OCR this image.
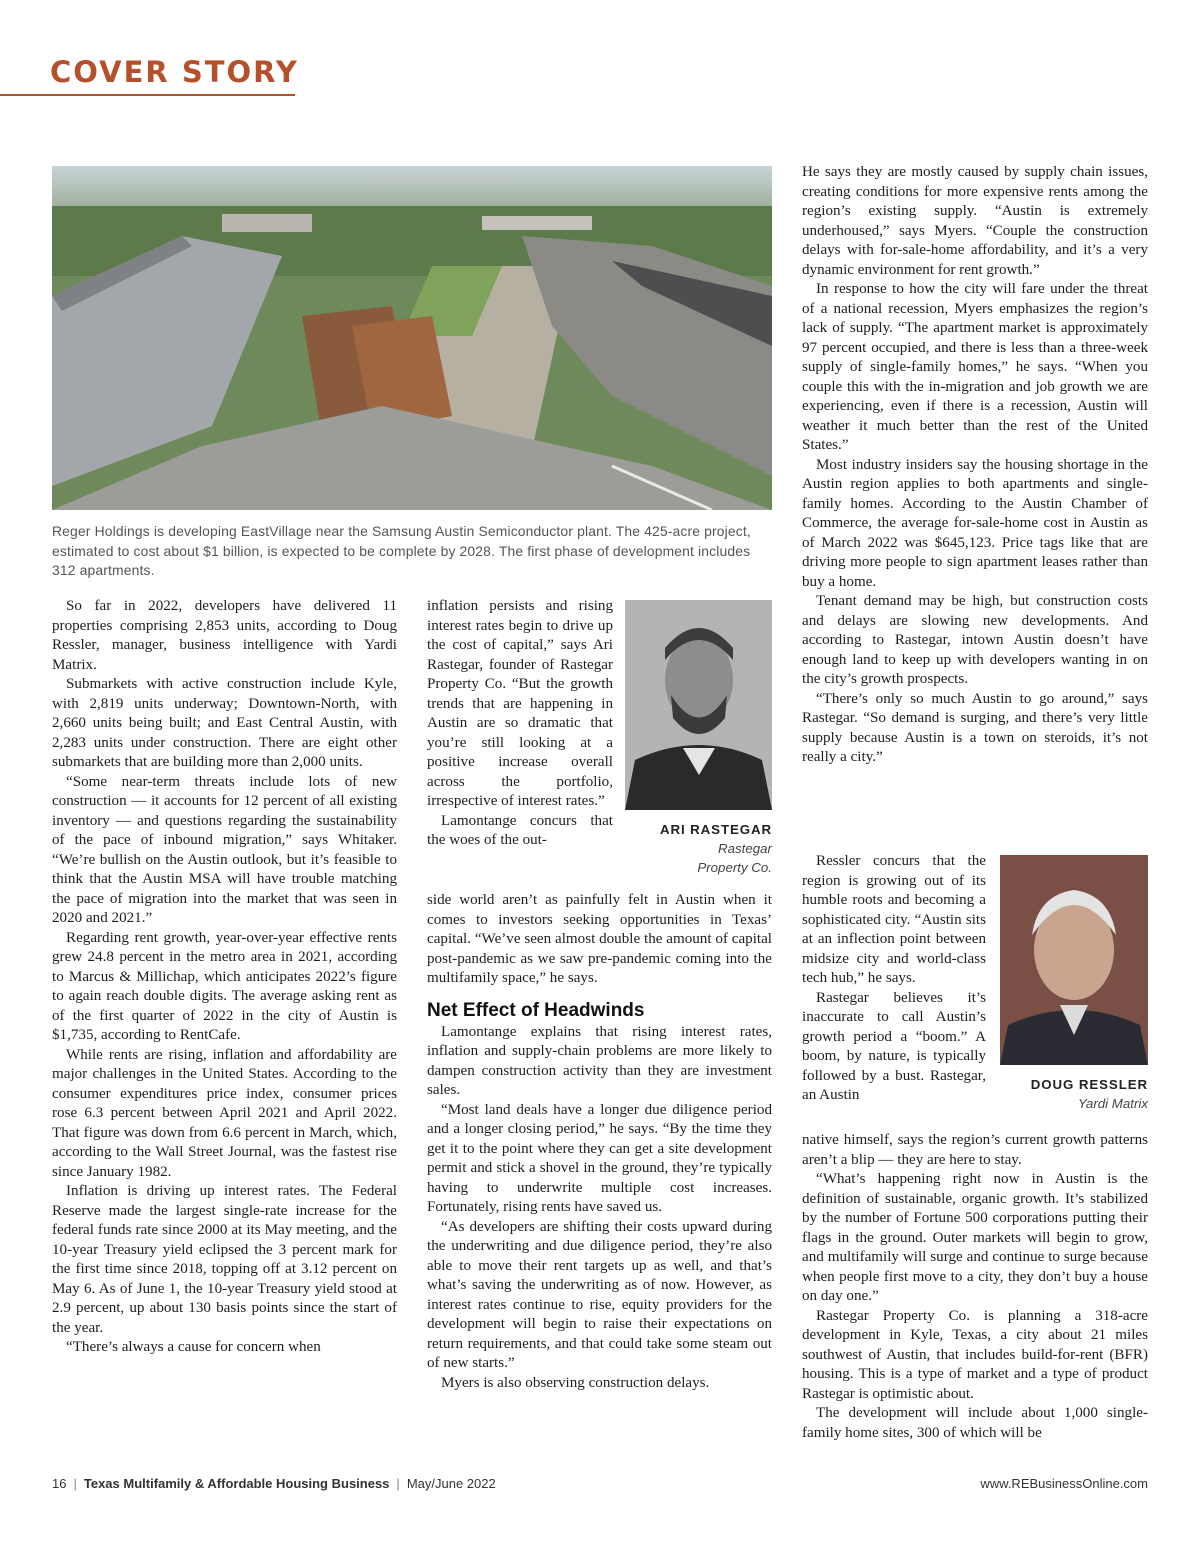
COVER STORY
Reger Holdings is developing EastVillage near the Samsung Austin Semiconductor plant. The 425-acre project, estimated to cost about $1 billion, is expected to be complete by 2028. The first phase of development includes 312 apartments.

So far in 2022, developers have delivered 11 properties comprising 2,853 units, according to Doug Ressler, manager, business intelligence with Yardi Matrix.

Submarkets with active construction include Kyle, with 2,819 units underway; Downtown-North, with 2,660 units being built; and East Central Austin, with 2,283 units under construction. There are eight other submarkets that are building more than 2,000 units.

“Some near-term threats include lots of new construction — it accounts for 12 percent of all existing inventory — and questions regarding the sustainability of the pace of inbound migration,” says Whitaker. “We’re bullish on the Austin outlook, but it’s feasible to think that the Austin MSA will have trouble matching the pace of migration into the market that was seen in 2020 and 2021.”

Regarding rent growth, year-over-year effective rents grew 24.8 percent in the metro area in 2021, according to Marcus & Millichap, which anticipates 2022’s figure to again reach double digits. The average asking rent as of the first quarter of 2022 in the city of Austin is $1,735, according to RentCafe.

While rents are rising, inflation and affordability are major challenges in the United States. According to the consumer expenditures price index, consumer prices rose 6.3 percent between April 2021 and April 2022. That figure was down from 6.6 percent in March, which, according to the Wall Street Journal, was the fastest rise since January 1982.

Inflation is driving up interest rates. The Federal Reserve made the largest single-rate increase for the federal funds rate since 2000 at its May meeting, and the 10-year Treasury yield eclipsed the 3 percent mark for the first time since 2018, topping off at 3.12 percent on May 6. As of June 1, the 10-year Treasury yield stood at 2.9 percent, up about 130 basis points since the start of the year.

“There’s always a cause for concern when

inflation persists and rising interest rates begin to drive up the cost of capital,” says Ari Rastegar, founder of Rastegar Property Co. “But the growth trends that are happening in Austin are so dramatic that you’re still looking at a positive increase overall across the portfolio, irrespective of interest rates.”

Lamontange concurs that the woes of the out-

ARI RASTEGAR
Rastegar
Property Co.

side world aren’t as painfully felt in Austin when it comes to investors seeking opportunities in Texas’ capital. “We’ve seen almost double the amount of capital post-pandemic as we saw pre-pandemic coming into the multifamily space,” he says.

Net Effect of Headwinds

Lamontange explains that rising interest rates, inflation and supply-chain problems are more likely to dampen construction activity than they are investment sales.

“Most land deals have a longer due diligence period and a longer closing period,” he says. “By the time they get it to the point where they can get a site development permit and stick a shovel in the ground, they’re typically having to underwrite multiple cost increases. Fortunately, rising rents have saved us.

“As developers are shifting their costs upward during the underwriting and due diligence period, they’re also able to move their rent targets up as well, and that’s what’s saving the underwriting as of now. However, as interest rates continue to rise, equity providers for the development will begin to raise their expectations on return requirements, and that could take some steam out of new starts.”

Myers is also observing construction delays.

He says they are mostly caused by supply chain issues, creating conditions for more expensive rents among the region’s existing supply. “Austin is extremely underhoused,” says Myers. “Couple the construction delays with for-sale-home affordability, and it’s a very dynamic environment for rent growth.”

In response to how the city will fare under the threat of a national recession, Myers emphasizes the region’s lack of supply. “The apartment market is approximately 97 percent occupied, and there is less than a three-week supply of single-family homes,” he says. “When you couple this with the in-migration and job growth we are experiencing, even if there is a recession, Austin will weather it much better than the rest of the United States.”

Most industry insiders say the housing shortage in the Austin region applies to both apartments and single-family homes. According to the Austin Chamber of Commerce, the average for-sale-home cost in Austin as of March 2022 was $645,123. Price tags like that are driving more people to sign apartment leases rather than buy a home.

Tenant demand may be high, but construction costs and delays are slowing new developments. And according to Rastegar, intown Austin doesn’t have enough land to keep up with developers wanting in on the city’s growth prospects.

“There’s only so much Austin to go around,” says Rastegar. “So demand is surging, and there’s very little supply because Austin is a town on steroids, it’s not really a city.”

Ressler concurs that the region is growing out of its humble roots and becoming a sophisticated city. “Austin sits at an inflection point between midsize city and world-class tech hub,” he says.

Rastegar believes it’s inaccurate to call Austin’s growth period a “boom.” A boom, by nature, is typically followed by a bust. Rastegar, an Austin

DOUG RESSLER
Yardi Matrix

native himself, says the region’s current growth patterns aren’t a blip — they are here to stay.

“What’s happening right now in Austin is the definition of sustainable, organic growth. It’s stabilized by the number of Fortune 500 corporations putting their flags in the ground. Outer markets will begin to grow, and multifamily will surge and continue to surge because when people first move to a city, they don’t buy a house on day one.”

Rastegar Property Co. is planning a 318-acre development in Kyle, Texas, a city about 21 miles southwest of Austin, that includes build-for-rent (BFR) housing. This is a type of market and a type of product Rastegar is optimistic about.

The development will include about 1,000 single-family home sites, 300 of which will be

16 | Texas Multifamily & Affordable Housing Business | May/June 2022	www.REBusinessOnline.com
